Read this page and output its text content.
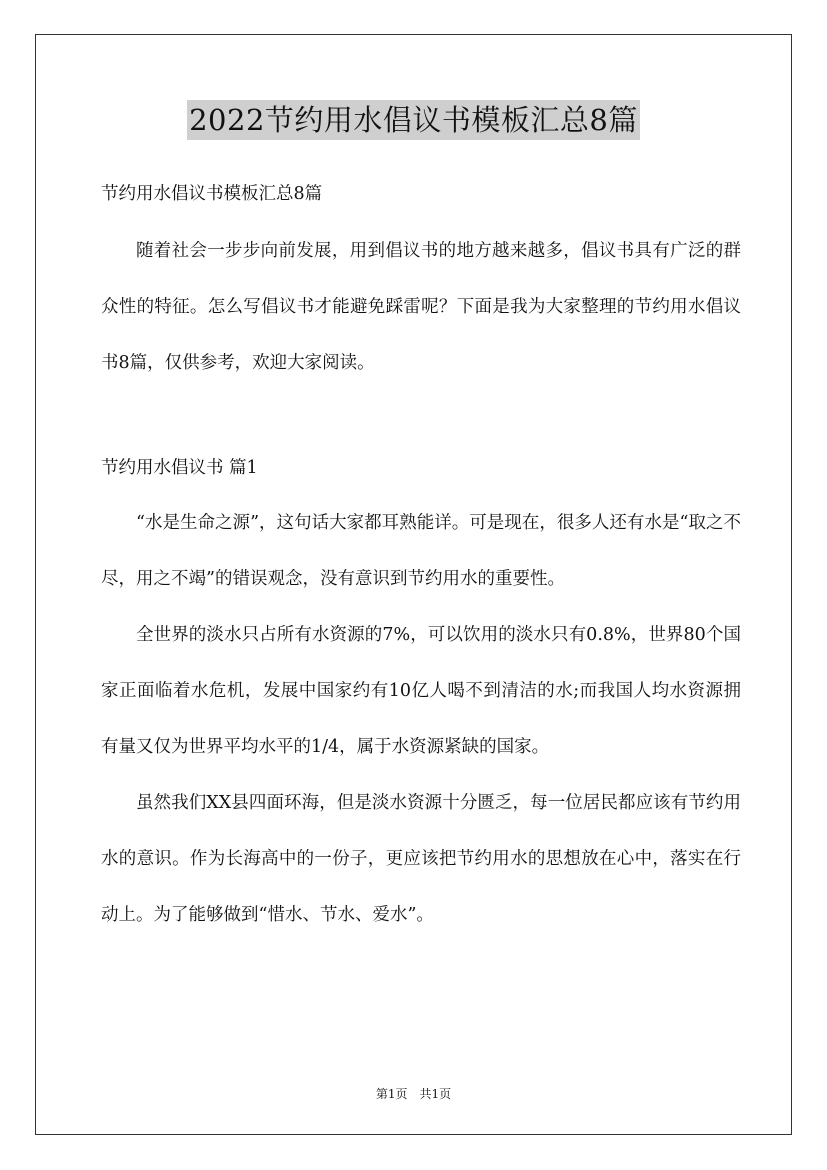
2022节约用水倡议书模板汇总8篇

节约用水倡议书模板汇总8篇

随着社会一步步向前发展，用到倡议书的地方越来越多，倡议书具有广泛的群众性的特征。怎么写倡议书才能避免踩雷呢？下面是我为大家整理的节约用水倡议书8篇，仅供参考，欢迎大家阅读。

节约用水倡议书 篇1

“水是生命之源”，这句话大家都耳熟能详。可是现在，很多人还有水是“取之不尽，用之不竭”的错误观念，没有意识到节约用水的重要性。

全世界的淡水只占所有水资源的7%，可以饮用的淡水只有0.8%，世界80个国家正面临着水危机，发展中国家约有10亿人喝不到清洁的水;而我国人均水资源拥有量又仅为世界平均水平的1/4，属于水资源紧缺的国家。

虽然我们XX县四面环海，但是淡水资源十分匮乏，每一位居民都应该有节约用水的意识。作为长海高中的一份子，更应该把节约用水的思想放在心中，落实在行动上。为了能够做到“惜水、节水、爱水”。

第1页　共1页
